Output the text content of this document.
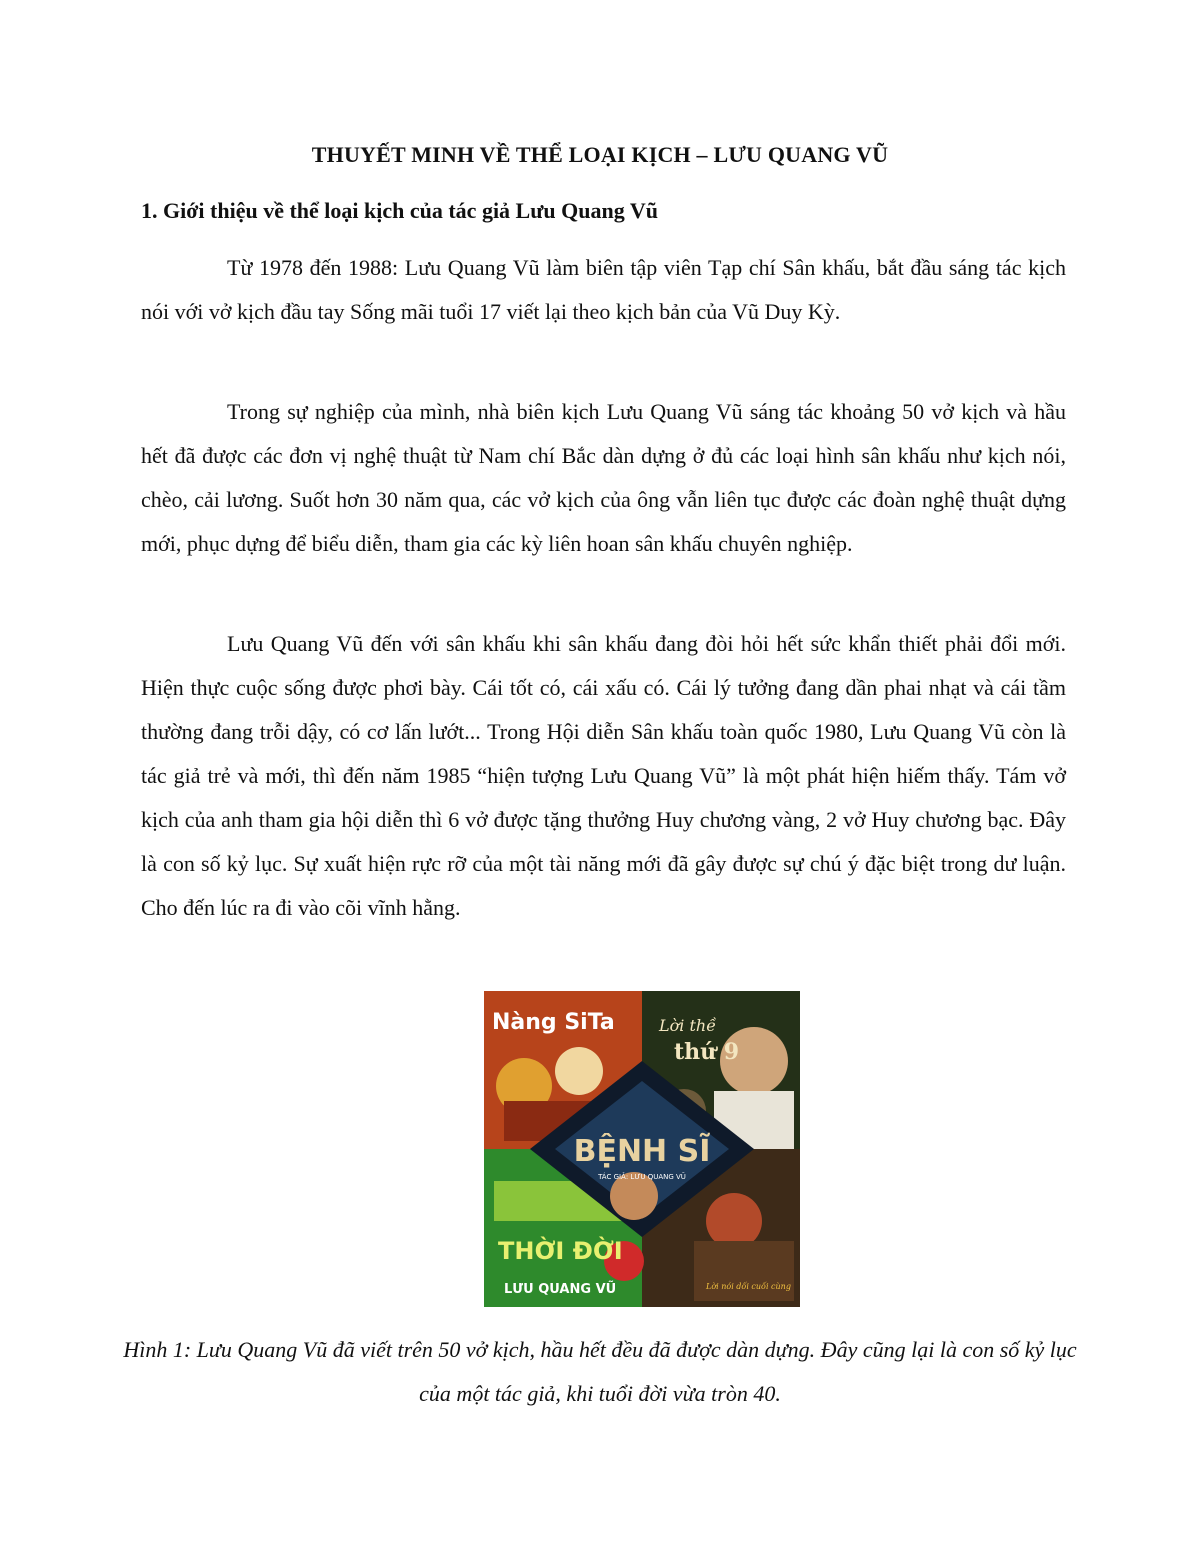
THUYẾT MINH VỀ THỂ LOẠI KỊCH – LƯU QUANG VŨ
1. Giới thiệu về thể loại kịch của tác giả Lưu Quang Vũ

Từ 1978 đến 1988: Lưu Quang Vũ làm biên tập viên Tạp chí Sân khấu, bắt đầu sáng tác kịch nói với vở kịch đầu tay Sống mãi tuổi 17 viết lại theo kịch bản của Vũ Duy Kỳ.

Trong sự nghiệp của mình, nhà biên kịch Lưu Quang Vũ sáng tác khoảng 50 vở kịch và hầu hết đã được các đơn vị nghệ thuật từ Nam chí Bắc dàn dựng ở đủ các loại hình sân khấu như kịch nói, chèo, cải lương. Suốt hơn 30 năm qua, các vở kịch của ông vẫn liên tục được các đoàn nghệ thuật dựng mới, phục dựng để biểu diễn, tham gia các kỳ liên hoan sân khấu chuyên nghiệp.

Lưu Quang Vũ đến với sân khấu khi sân khấu đang đòi hỏi hết sức khẩn thiết phải đổi mới. Hiện thực cuộc sống được phơi bày. Cái tốt có, cái xấu có. Cái lý tưởng đang dần phai nhạt và cái tầm thường đang trỗi dậy, có cơ lấn lướt... Trong Hội diễn Sân khấu toàn quốc 1980, Lưu Quang Vũ còn là tác giả trẻ và mới, thì đến năm 1985 “hiện tượng Lưu Quang Vũ” là một phát hiện hiếm thấy. Tám vở kịch của anh tham gia hội diễn thì 6 vở được tặng thưởng Huy chương vàng, 2 vở Huy chương bạc. Đây là con số kỷ lục. Sự xuất hiện rực rỡ của một tài năng mới đã gây được sự chú ý đặc biệt trong dư luận. Cho đến lúc ra đi vào cõi vĩnh hằng.

Nàng SiTa	Lời thề
thứ 9
BỆNH SĨ
TÁC GIẢ: LƯU QUANG VŨ
THỜI ĐỜI
LƯU QUANG VŨ	Lời nói dối cuối cùng
Hình 1: Lưu Quang Vũ đã viết trên 50 vở kịch, hầu hết đều đã được dàn dựng. Đây cũng lại là con số kỷ lục của một tác giả, khi tuổi đời vừa tròn 40.
